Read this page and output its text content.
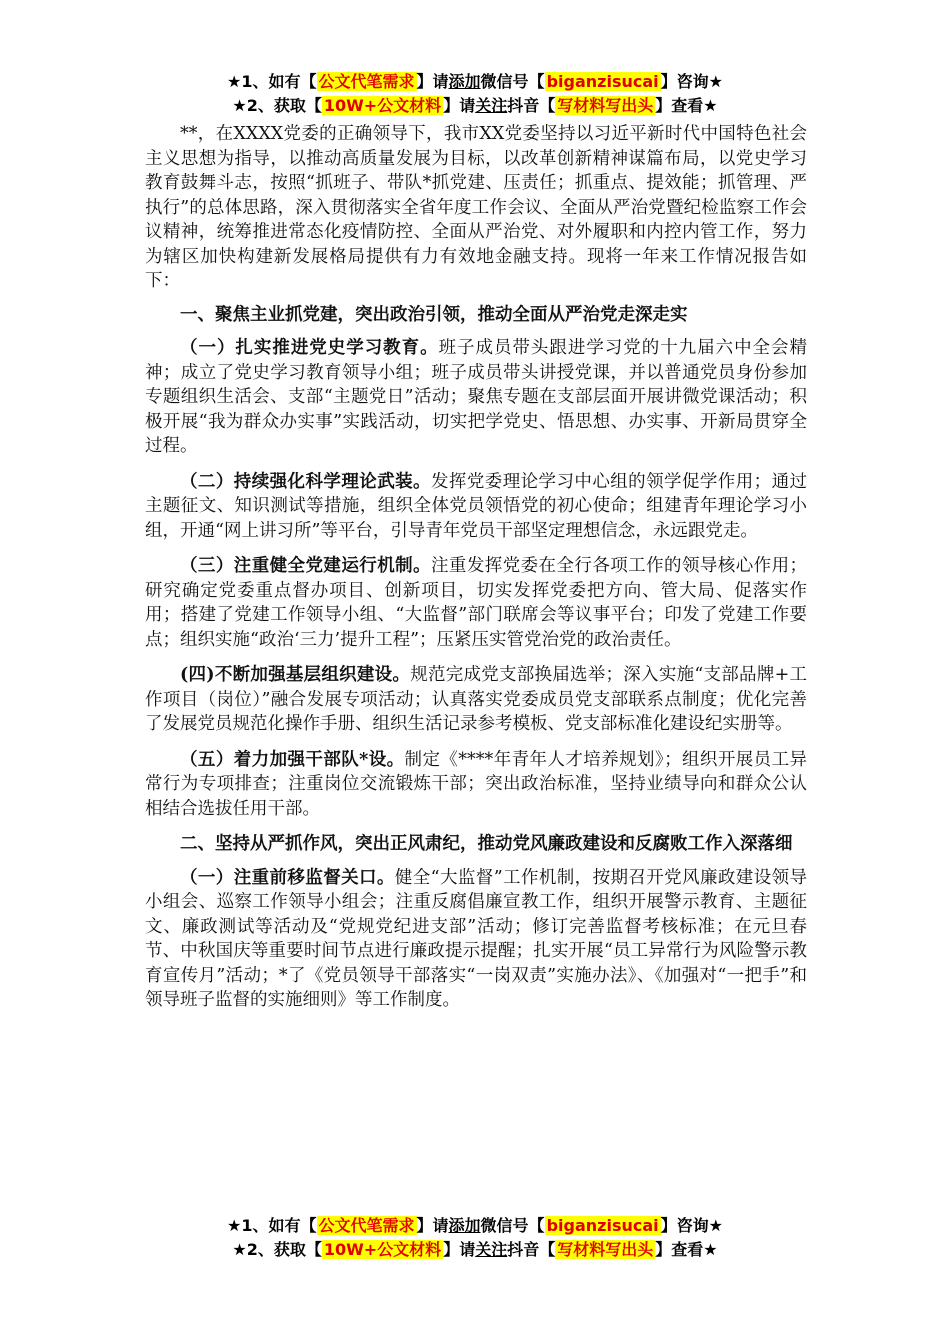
★1、如有【 公文代笔需求 】请添加微信号【 biganzisucai 】咨询★
★2、获取【 10W+公文材料 】请关注抖音【 写材料写出头 】查看★

**，在XXXX党委的正确领导下，我市XX党委坚持以习近平新时代中国特色社会主义思想为指导，以推动高质量发展为目标，以改革创新精神谋篇布局，以党史学习教育鼓舞斗志，按照“抓班子、带队*抓党建、压责任；抓重点、提效能；抓管理、严执行”的总体思路，深入贯彻落实全省年度工作会议、全面从严治党暨纪检监察工作会议精神，统筹推进常态化疫情防控、全面从严治党、对外履职和内控内管工作，努力为辖区加快构建新发展格局提供有力有效地金融支持。现将一年来工作情况报告如下：

一、聚焦主业抓党建，突出政治引领，推动全面从严治党走深走实

（一）扎实推进党史学习教育。班子成员带头跟进学习党的十九届六中全会精神；成立了党史学习教育领导小组；班子成员带头讲授党课，并以普通党员身份参加专题组织生活会、支部“主题党日”活动；聚焦专题在支部层面开展讲微党课活动；积极开展“我为群众办实事”实践活动，切实把学党史、悟思想、办实事、开新局贯穿全过程。

（二）持续强化科学理论武装。发挥党委理论学习中心组的领学促学作用；通过主题征文、知识测试等措施，组织全体党员领悟党的初心使命；组建青年理论学习小组，开通“网上讲习所”等平台，引导青年党员干部坚定理想信念，永远跟党走。

（三）注重健全党建运行机制。注重发挥党委在全行各项工作的领导核心作用；研究确定党委重点督办项目、创新项目，切实发挥党委把方向、管大局、促落实作用；搭建了党建工作领导小组、“大监督”部门联席会等议事平台；印发了党建工作要点；组织实施“政治‘三力’提升工程”；压紧压实管党治党的政治责任。

(四)不断加强基层组织建设。规范完成党支部换届选举；深入实施“支部品牌+工作项目（岗位）”融合发展专项活动；认真落实党委成员党支部联系点制度；优化完善了发展党员规范化操作手册、组织生活记录参考模板、党支部标准化建设纪实册等。

（五）着力加强干部队*设。制定《****年青年人才培养规划》；组织开展员工异常行为专项排查；注重岗位交流锻炼干部；突出政治标准，坚持业绩导向和群众公认相结合选拔任用干部。

二、坚持从严抓作风，突出正风肃纪，推动党风廉政建设和反腐败工作入深落细

（一）注重前移监督关口。健全“大监督”工作机制，按期召开党风廉政建设领导小组会、巡察工作领导小组会；注重反腐倡廉宣教工作，组织开展警示教育、主题征文、廉政测试等活动及“党规党纪进支部”活动；修订完善监督考核标准；在元旦春节、中秋国庆等重要时间节点进行廉政提示提醒；扎实开展“员工异常行为风险警示教育宣传月”活动；*了《党员领导干部落实“一岗双责”实施办法》、《加强对“一把手”和领导班子监督的实施细则》等工作制度。

★1、如有【 公文代笔需求 】请添加微信号【 biganzisucai 】咨询★
★2、获取【 10W+公文材料 】请关注抖音【 写材料写出头 】查看★
